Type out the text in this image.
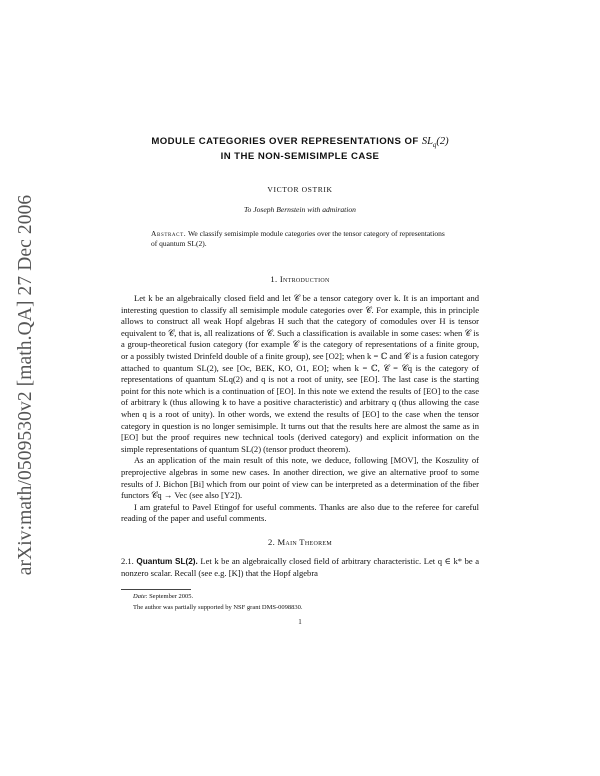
arXiv:math/0509530v2 [math.QA] 27 Dec 2006
MODULE CATEGORIES OVER REPRESENTATIONS OF $SL_q(2)$
IN THE NON-SEMISIMPLE CASE
VICTOR OSTRIK
To Joseph Bernstein with admiration
Abstract. We classify semisimple module categories over the tensor category of representations of quantum SL(2).
1. Introduction
Let k be an algebraically closed field and let 𝒞 be a tensor category over k. It is an important and interesting question to classify all semisimple module categories over 𝒞. For example, this in principle allows to construct all weak Hopf algebras H such that the category of comodules over H is tensor equivalent to 𝒞, that is, all realizations of 𝒞. Such a classification is available in some cases: when 𝒞 is a group-theoretical fusion category (for example 𝒞 is the category of representations of a finite group, or a possibly twisted Drinfeld double of a finite group), see [O2]; when k = ℂ and 𝒞 is a fusion category attached to quantum SL(2), see [Oc, BEK, KO, O1, EO]; when k = ℂ, 𝒞 = 𝒞q is the category of representations of quantum SLq(2) and q is not a root of unity, see [EO]. The last case is the starting point for this note which is a continuation of [EO]. In this note we extend the results of [EO] to the case of arbitrary k (thus allowing k to have a positive characteristic) and arbitrary q (thus allowing the case when q is a root of unity). In other words, we extend the results of [EO] to the case when the tensor category in question is no longer semisimple. It turns out that the results here are almost the same as in [EO] but the proof requires new technical tools (derived category) and explicit information on the simple representations of quantum SL(2) (tensor product theorem).
As an application of the main result of this note, we deduce, following [MOV], the Koszulity of preprojective algebras in some new cases. In another direction, we give an alternative proof to some results of J. Bichon [Bi] which from our point of view can be interpreted as a determination of the fiber functors 𝒞q → Vec (see also [Y2]).
I am grateful to Pavel Etingof for useful comments. Thanks are also due to the referee for careful reading of the paper and useful comments.
2. Main Theorem
2.1. Quantum SL(2). Let k be an algebraically closed field of arbitrary characteristic. Let q ∈ k* be a nonzero scalar. Recall (see e.g. [K]) that the Hopf algebra
Date: September 2005.
The author was partially supported by NSF grant DMS-0098830.
1
